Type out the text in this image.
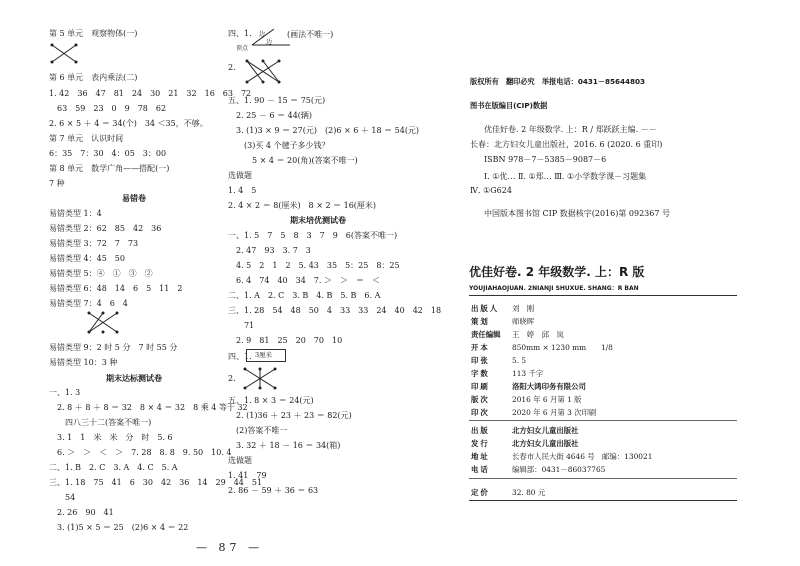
第 5 单元　观察物体(一)
第 6 单元　表内乘法(二)
1. 42　36　47　81　24　30　21　32　16　63　72
　63　59　23　0　9　78　62
2. 6 × 5 ＋ 4 ＝ 34(个)　34 ＜35，不够。
第 7 单元　认识时间
6：35　7：30　4：05　3：00
第 8 单元　数学广角——搭配(一)
7 种
易错卷
易错类型 1：4
易错类型 2：62　85　42　36
易错类型 3：72　7　73
易错类型 4：45　50
易错类型 5：④　①　③　②
易错类型 6：48　14　6　5　11　2
易错类型 7：4　6　4
易错类型 9：2 时 5 分　7 时 55 分
易错类型 10：3 种
期末达标测试卷
一、1. 3
　2. 8 ＋ 8 ＋ 8 ＝ 32　8 × 4 ＝ 32　8 乘 4 等于 32
　四八三十二(答案不唯一)
　3. 1　1　米　米　分　时　5. 6
　6. ＞　＞　＜　＞　7. 28　8. 8　9. 50　10. 4
二、1. B　2. C　3. A　4. C　5. A
三、1. 18　75　41　6　30　42　36　14　29　44　51
　　54
　2. 26　90　41
　3. (1)5 × 5 ＝ 25　(2)6 × 4 ＝ 22
— 87 —
四、1. 边
边
顶点
(画法不唯一)
2.
五、1. 90 － 15 ＝ 75(元)
　2. 25 － 6 ＝ 44(辆)
　3. (1)3 × 9 ＝ 27(元)　(2)6 × 6 ＋ 18 ＝ 54(元)
　　(3)买 4 个毽子多少钱？
　　　5 × 4 ＝ 20(角)(答案不唯一)
选做题
1. 4　5
2. 4 × 2 ＝ 8(厘米)　8 × 2 ＝ 16(厘米)
期末培优测试卷
一、1. 5　7　5　8　3　7　9　6(答案不唯一)
　2. 47　93　3. 7　3
　4. 5　2　1　2　5. 43　35　5：25　8：25
　6. 4　74　40　34　7. ＞　＞　＝　＜
二、1. A　2. C　3. B　4. B　5. B　6. A
三、1. 28　54　48　50　4　33　33　24　40　42　18
　　71
　2. 9　81　25　20　70　10
四、1. 3厘米
2.
五、1. 8 × 3 ＝ 24(元)
　2. (1)36 ＋ 23 ＋ 23 ＝ 82(元)
　(2)答案不唯一
　3. 32 ＋ 18 － 16 ＝ 34(箱)
选做题
1. 41　79
2. 86 － 59 ＋ 36 ＝ 63
版权所有　翻印必究　举报电话：0431－85644803
图书在版编目(CIP)数据
优佳好卷. 2 年级数学. 上：R / 郑跃跃主编. －－
长春：北方妇女儿童出版社，2016. 6 (2020. 6 重印)
ISBN 978－7－5385－9087－6
Ⅰ. ①优… Ⅱ. ①郑… Ⅲ. ①小学数学课－习题集
Ⅳ. ①G624
中国版本图书馆 CIP 数据核字(2016)第 092367 号
优佳好卷. 2 年级数学. 上：R 版
YOUJIAHAOJUAN. 2NIANJI SHUXUE. SHANG：R BAN
出版人 刘　刚
策划	师晓晖
责任编辑 王　婷　邱　岚
开本	850mm × 1230 mm　　1/8
印张	5. 5
字数	113 千字
印刷	洛阳大鸿印务有限公司
版次	2016 年 6 月第 1 版
印次	2020 年 6 月第 3 次印刷
出版	北方妇女儿童出版社
发行	北方妇女儿童出版社
地址	长春市人民大街 4646 号　邮编：130021
电话	编辑部：0431－86037765
定价	32. 80 元
